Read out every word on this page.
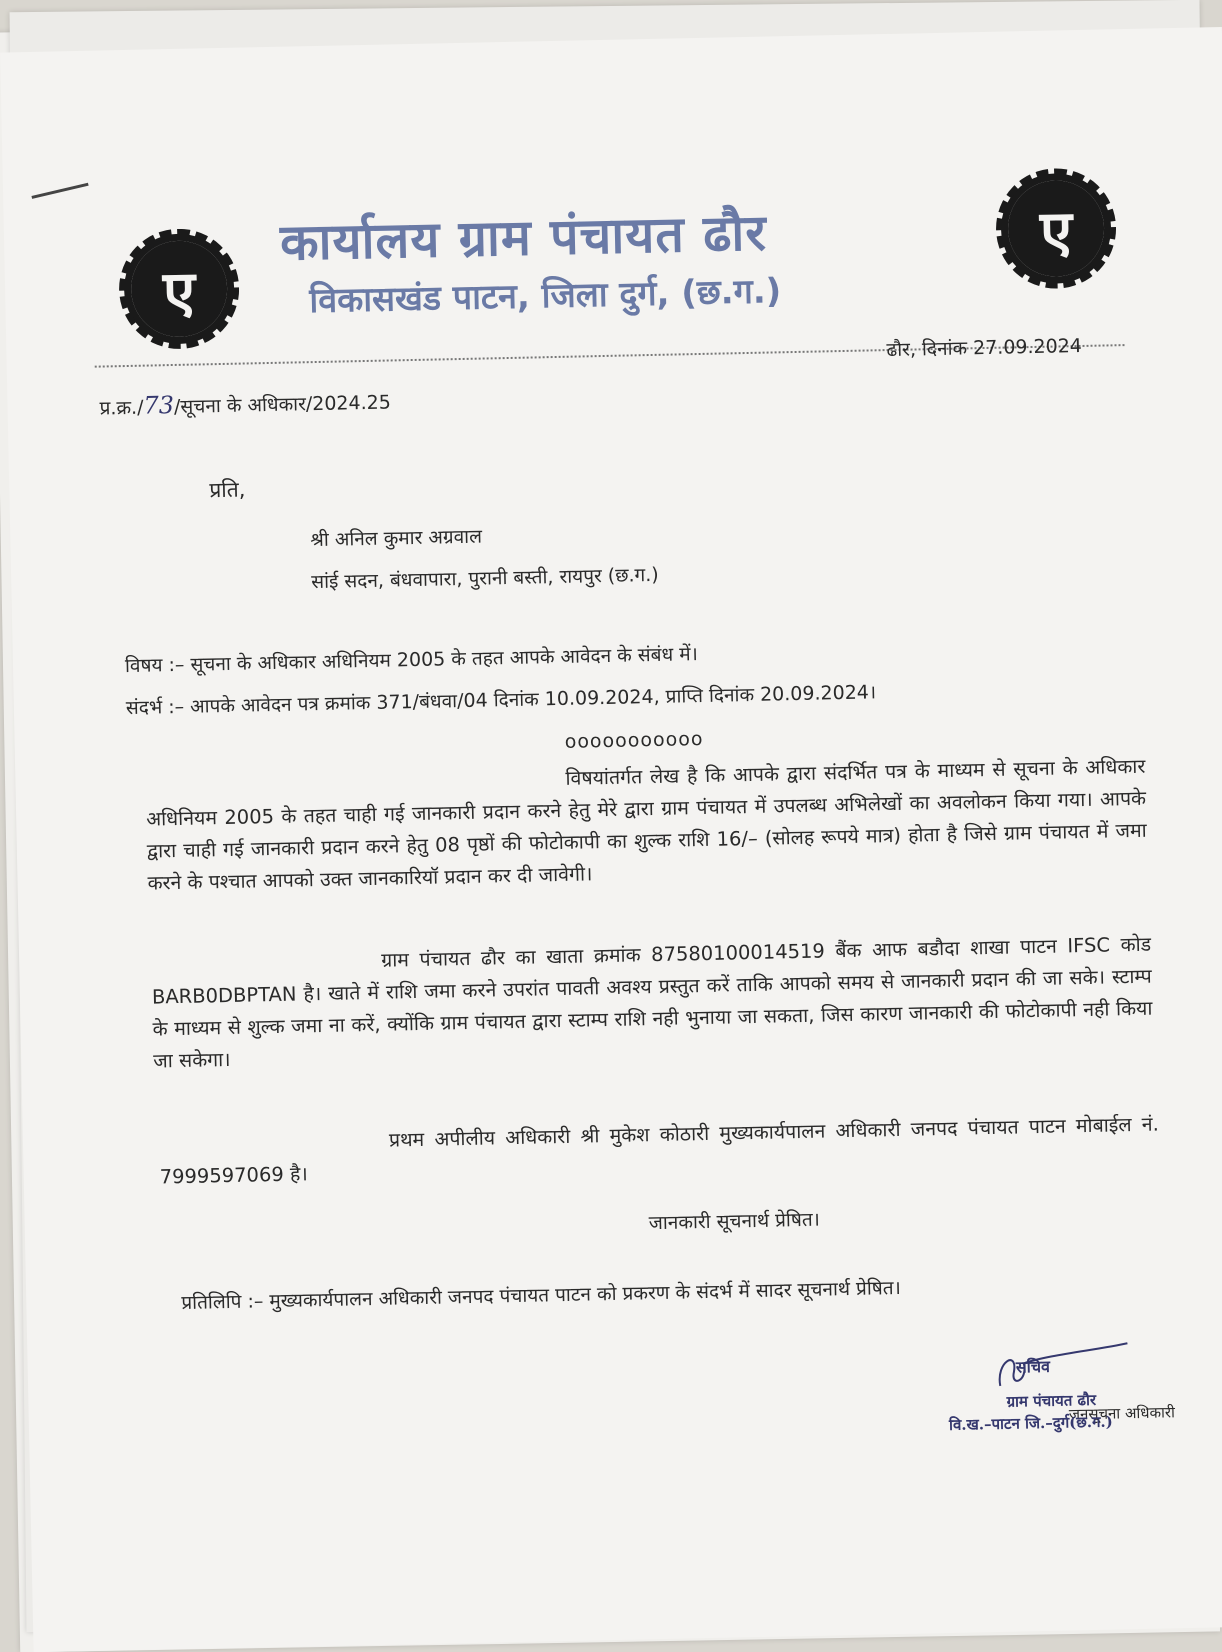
ए
ए
कार्यालय ग्राम पंचायत ढौर
विकासखंड पाटन, जिला दुर्ग, (छ.ग.)
ढौर, दिनांक 27.09.2024
प्र.क्र./73/सूचना के अधिकार/2024.25
प्रति,
श्री अनिल कुमार अग्रवाल
सांई सदन, बंधवापारा, पुरानी बस्ती, रायपुर (छ.ग.)
विषय :– सूचना के अधिकार अधिनियम 2005 के तहत आपके आवेदन के संबंध में।
संदर्भ :– आपके आवेदन पत्र क्रमांक 371/बंधवा/04 दिनांक 10.09.2024, प्राप्ति दिनांक 20.09.2024।
ooooooooooo
विषयांतर्गत लेख है कि आपके द्वारा संदर्भित पत्र के माध्यम से सूचना के अधिकार अधिनियम 2005 के तहत चाही गई जानकारी प्रदान करने हेतु मेरे द्वारा ग्राम पंचायत में उपलब्ध अभिलेखों का अवलोकन किया गया। आपके द्वारा चाही गई जानकारी प्रदान करने हेतु 08 पृष्ठों की फोटोकापी का शुल्क राशि 16/– (सोलह रूपये मात्र) होता है जिसे ग्राम पंचायत में जमा करने के पश्चात आपको उक्त जानकारियॉ प्रदान कर दी जावेगी।
ग्राम पंचायत ढौर का खाता क्रमांक 87580100014519 बैंक आफ बडौदा शाखा पाटन IFSC कोड BARB0DBPTAN है। खाते में राशि जमा करने उपरांत पावती अवश्य प्रस्तुत करें ताकि आपको समय से जानकारी प्रदान की जा सके। स्टाम्प के माध्यम से शुल्क जमा ना करें, क्योंकि ग्राम पंचायत द्वारा स्टाम्प राशि नही भुनाया जा सकता, जिस कारण जानकारी की फोटोकापी नही किया जा सकेगा।
प्रथम अपीलीय अधिकारी श्री मुकेश कोठारी मुख्यकार्यपालन अधिकारी जनपद पंचायत पाटन मोबाईल नं. 7999597069 है।
जानकारी सूचनार्थ प्रेषित।
प्रतिलिपि :– मुख्यकार्यपालन अधिकारी जनपद पंचायत पाटन को प्रकरण के संदर्भ में सादर सूचनार्थ प्रेषित।
सचिव
ग्राम पंचायत ढौर
जनसूचना अधिकारी
वि.ख.–पाटन जि.–दुर्ग(छ.ग.)
